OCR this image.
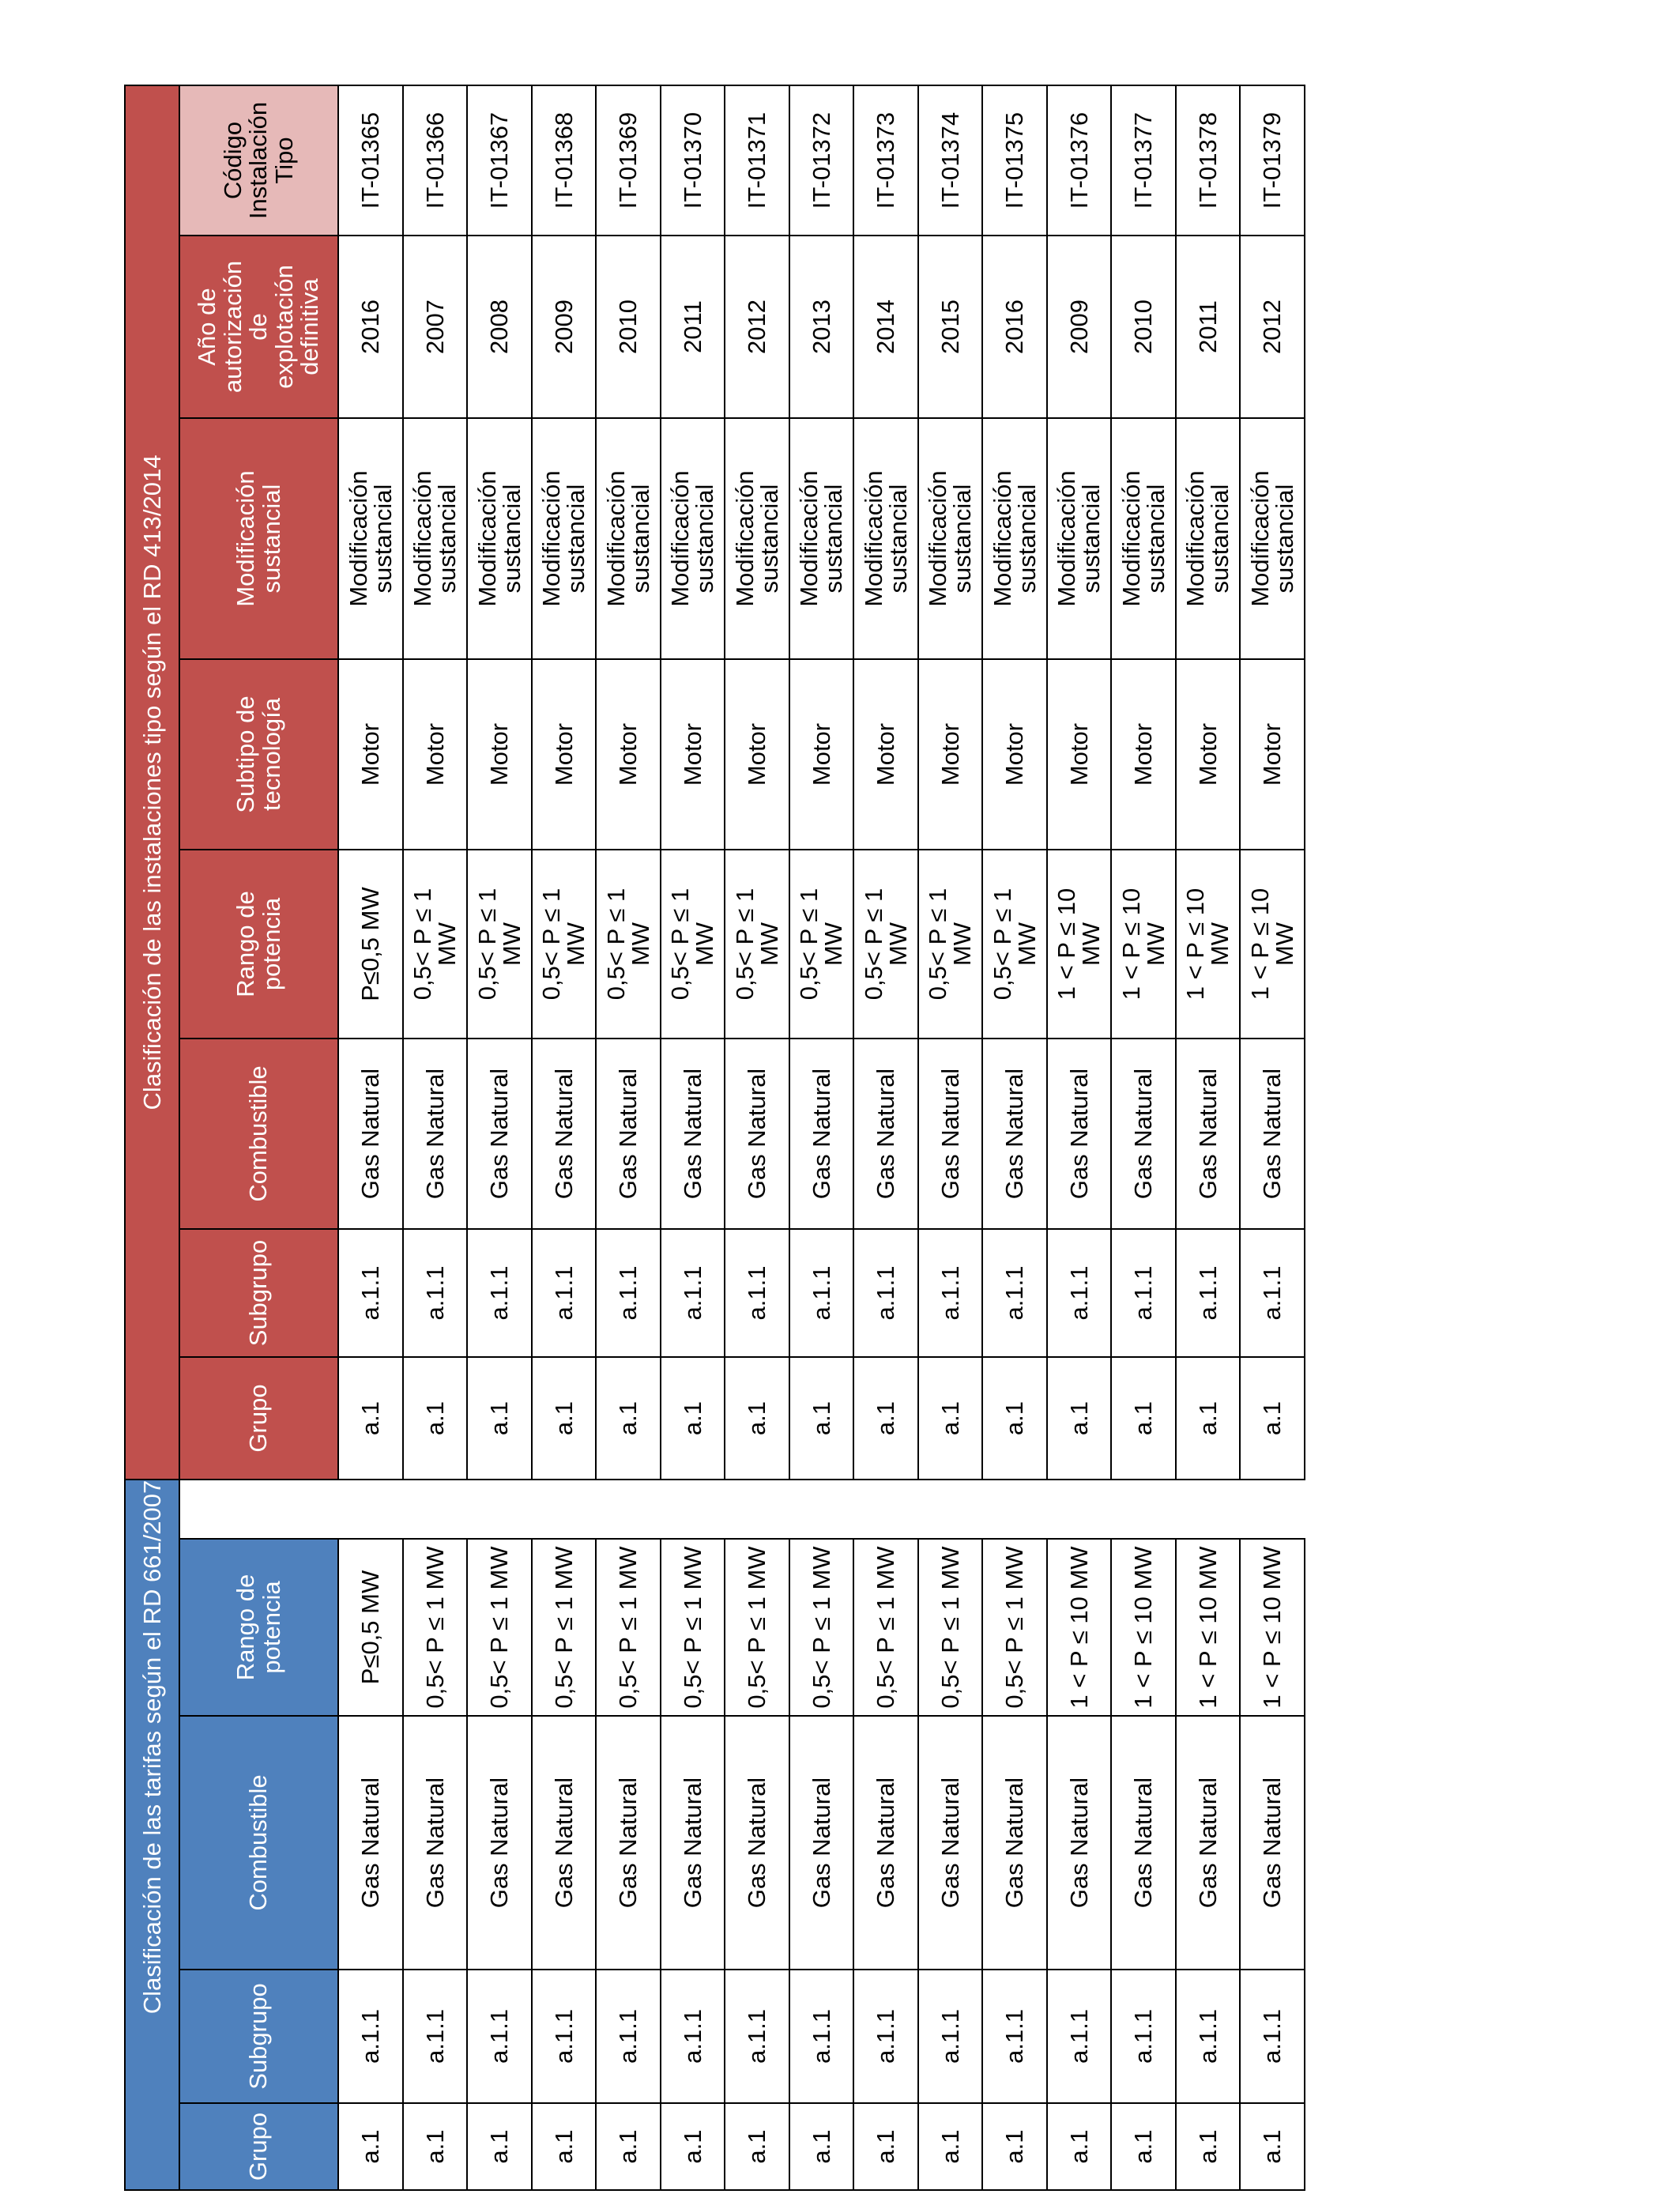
Clasificación de las tarifas según el RD 661/2007			
Grupo	Subgrupo	Combustible	Rango de potencia

a.1	a.1.1	Gas Natural	P≤0,5 MW

a.1	a.1.1	Gas Natural	0,5< P ≤ 1 MW

a.1	a.1.1	Gas Natural	0,5< P ≤ 1 MW

a.1	a.1.1	Gas Natural	0,5< P ≤ 1 MW

a.1	a.1.1	Gas Natural	0,5< P ≤ 1 MW

a.1	a.1.1	Gas Natural	0,5< P ≤ 1 MW

a.1	a.1.1	Gas Natural	0,5< P ≤ 1 MW

a.1	a.1.1	Gas Natural	0,5< P ≤ 1 MW

a.1	a.1.1	Gas Natural	0,5< P ≤ 1 MW

a.1	a.1.1	Gas Natural	0,5< P ≤ 1 MW

a.1	a.1.1	Gas Natural	0,5< P ≤ 1 MW

a.1	a.1.1	Gas Natural	1 < P ≤ 10 MW

a.1	a.1.1	Gas Natural	1 < P ≤ 10 MW

a.1	a.1.1	Gas Natural	1 < P ≤ 10 MW

a.1	a.1.1	Gas Natural	1 < P ≤ 10 MW
Clasificación de las instalaciones tipo según el RD 413/2014							
Grupo	Subgrupo	Combustible	Rango de potencia	Subtipo de tecnología	Modificación sustancial	Año de autorización de explotación definitiva	Código Instalación Tipo

a.1	a.1.1	Gas Natural	P≤0,5 MW	Motor	Modificación sustancial	2016	IT-01365

a.1	a.1.1	Gas Natural	0,5< P ≤ 1 MW	Motor	Modificación sustancial	2007	IT-01366

a.1	a.1.1	Gas Natural	0,5< P ≤ 1 MW	Motor	Modificación sustancial	2008	IT-01367

a.1	a.1.1	Gas Natural	0,5< P ≤ 1 MW	Motor	Modificación sustancial	2009	IT-01368

a.1	a.1.1	Gas Natural	0,5< P ≤ 1 MW	Motor	Modificación sustancial	2010	IT-01369

a.1	a.1.1	Gas Natural	0,5< P ≤ 1 MW	Motor	Modificación sustancial	2011	IT-01370

a.1	a.1.1	Gas Natural	0,5< P ≤ 1 MW	Motor	Modificación sustancial	2012	IT-01371

a.1	a.1.1	Gas Natural	0,5< P ≤ 1 MW	Motor	Modificación sustancial	2013	IT-01372

a.1	a.1.1	Gas Natural	0,5< P ≤ 1 MW	Motor	Modificación sustancial	2014	IT-01373

a.1	a.1.1	Gas Natural	0,5< P ≤ 1 MW	Motor	Modificación sustancial	2015	IT-01374

a.1	a.1.1	Gas Natural	0,5< P ≤ 1 MW	Motor	Modificación sustancial	2016	IT-01375

a.1	a.1.1	Gas Natural	1 < P ≤ 10 MW	Motor	Modificación sustancial	2009	IT-01376

a.1	a.1.1	Gas Natural	1 < P ≤ 10 MW	Motor	Modificación sustancial	2010	IT-01377

a.1	a.1.1	Gas Natural	1 < P ≤ 10 MW	Motor	Modificación sustancial	2011	IT-01378

a.1	a.1.1	Gas Natural	1 < P ≤ 10 MW	Motor	Modificación sustancial	2012	IT-01379
